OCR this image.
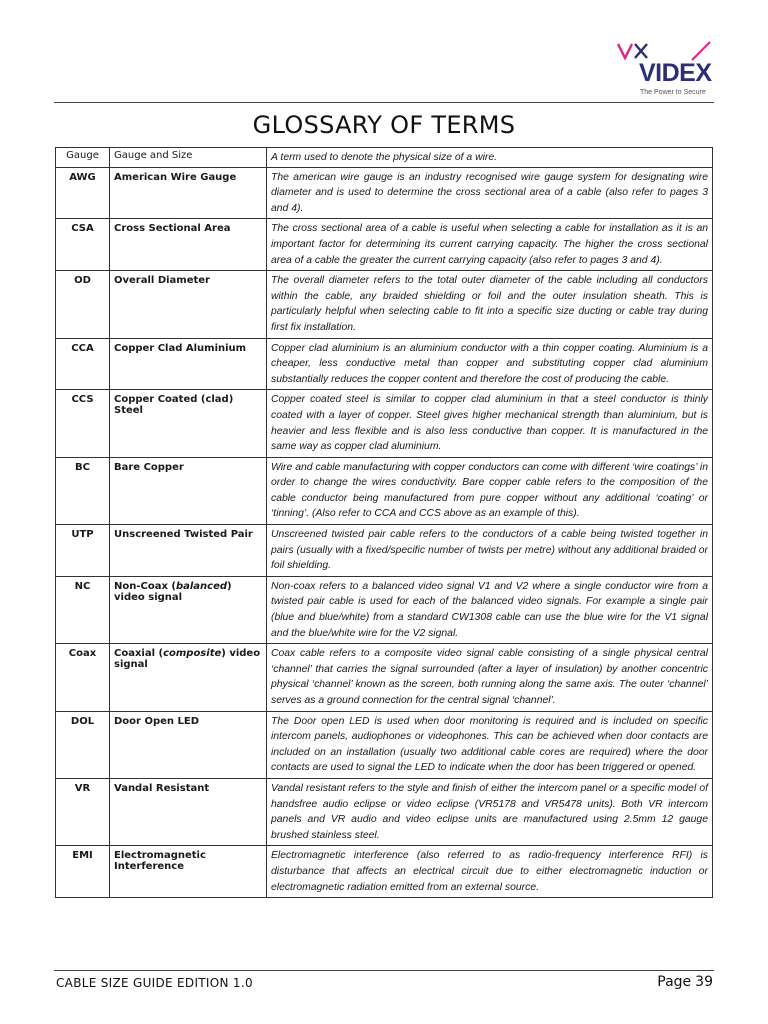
VIDEX
The Power to Secure
GLOSSARY OF TERMS
Gauge	Gauge and Size	A term used to denote the physical size of a wire.
AWG	American Wire Gauge	The american wire gauge is an industry recognised wire gauge system for designating wire diameter and is used to determine the cross sectional area of a cable (also refer to pages 3 and 4).
CSA	Cross Sectional Area	The cross sectional area of a cable is useful when selecting a cable for installation as it is an important factor for determining its current carrying capacity. The higher the cross sectional area of a cable the greater the current carrying capacity (also refer to pages 3 and 4).
OD	Overall Diameter	The overall diameter refers to the total outer diameter of the cable including all conductors within the cable, any braided shielding or foil and the outer insulation sheath. This is particularly helpful when selecting cable to fit into a specific size ducting or cable tray during first fix installation.
CCA	Copper Clad Aluminium	Copper clad aluminium is an aluminium conductor with a thin copper coating. Aluminium is a cheaper, less conductive metal than copper and substituting copper clad aluminium substantially reduces the copper content and therefore the cost of producing the cable.
CCS	Copper Coated (clad) Steel	Copper coated steel is similar to copper clad aluminium in that a steel conductor is thinly coated with a layer of copper. Steel gives higher mechanical strength than aluminium, but is heavier and less flexible and is also less conductive than copper. It is manufactured in the same way as copper clad aluminium.
BC	Bare Copper	Wire and cable manufacturing with copper conductors can come with different ‘wire coatings’ in order to change the wires conductivity. Bare copper cable refers to the composition of the cable conductor being manufactured from pure copper without any additional ‘coating’ or ‘tinning’. (Also refer to CCA and CCS above as an example of this).
UTP	Unscreened Twisted Pair	Unscreened twisted pair cable refers to the conductors of a cable being twisted together in pairs (usually with a fixed/specific number of twists per metre) without any additional braided or foil shielding.
NC	Non-Coax (balanced) video signal	Non-coax refers to a balanced video signal V1 and V2 where a single conductor wire from a twisted pair cable is used for each of the balanced video signals. For example a single pair (blue and blue/white) from a standard CW1308 cable can use the blue wire for the V1 signal and the blue/white wire for the V2 signal.
Coax	Coaxial (composite) video signal	Coax cable refers to a composite video signal cable consisting of a single physical central ‘channel’ that carries the signal surrounded (after a layer of insulation) by another concentric physical ‘channel’ known as the screen, both running along the same axis. The outer ‘channel’ serves as a ground connection for the central signal ‘channel’.
DOL	Door Open LED	The Door open LED is used when door monitoring is required and is included on specific intercom panels, audiophones or videophones. This can be achieved when door contacts are included on an installation (usually two additional cable cores are required) where the door contacts are used to signal the LED to indicate when the door has been triggered or opened.
VR	Vandal Resistant	Vandal resistant refers to the style and finish of either the intercom panel or a specific model of handsfree audio eclipse or video eclipse (VR5178 and VR5478 units). Both VR intercom panels and VR audio and video eclipse units are manufactured using 2.5mm 12 gauge brushed stainless steel.
EMI	Electromagnetic Interference	Electromagnetic interference (also referred to as radio-frequency interference RFI) is disturbance that affects an electrical circuit due to either electromagnetic induction or electromagnetic radiation emitted from an external source.
CABLE SIZE GUIDE EDITION 1.0	Page 39
